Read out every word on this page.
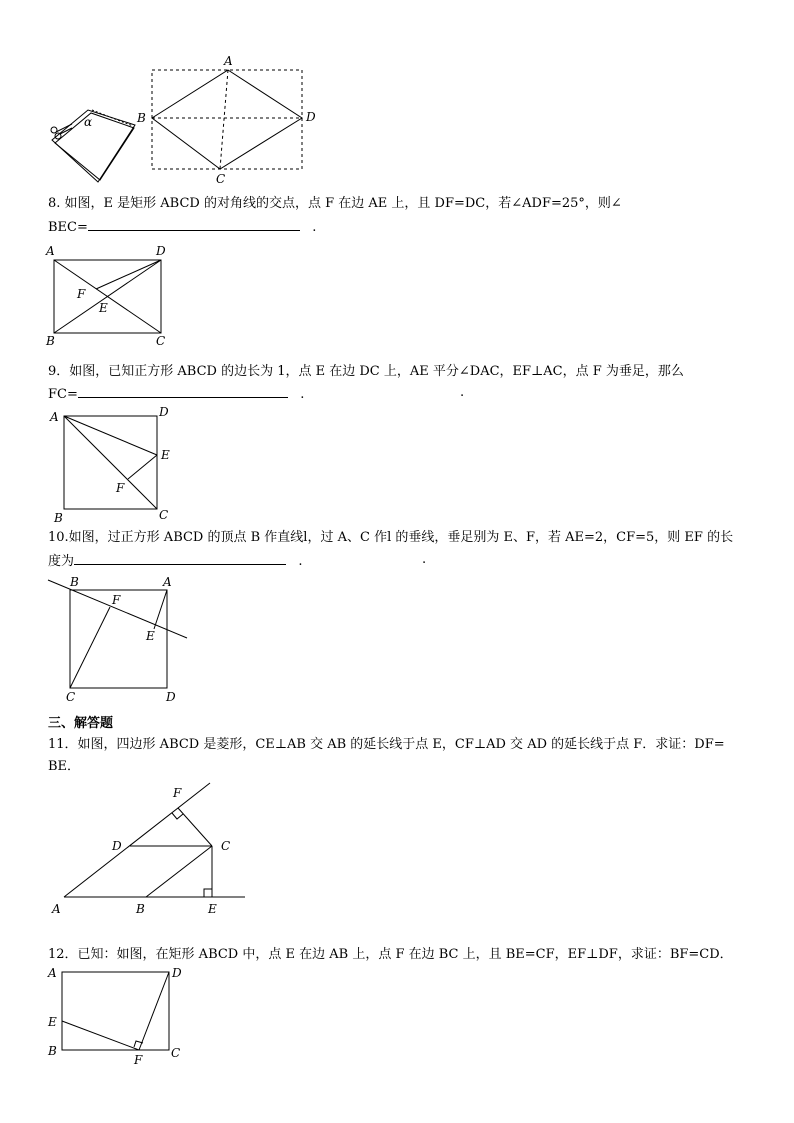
α
A
B
C
D
8. 如图，E 是矩形 ABCD 的对角线的交点，点 F 在边 AE 上，且 DF=DC，若∠ADF=25°，则∠
BEC=	.
A	D
F
E
B	C
9．如图，已知正方形 ABCD 的边长为 1，点 E 在边 DC 上，AE 平分∠DAC，EF⊥AC，点 F 为垂足，那么
FC=	.	.
A	D
E
F
B	C
10.如图，过正方形 ABCD 的顶点 B 作直线l，过 A、C 作l 的垂线，垂足别为 E、F，若 AE=2，CF=5，则 EF 的长
度为	.	.
B	A
F
E
C	D
三、解答题
11．如图，四边形 ABCD 是菱形，CE⊥AB 交 AB 的延长线于点 E，CF⊥AD 交 AD 的延长线于点 F．求证：DF=
BE．
F
D	C
A	B	E
12．已知：如图，在矩形 ABCD 中，点 E 在边 AB 上，点 F 在边 BC 上，且 BE=CF，EF⊥DF，求证：BF=CD．
A	D
E
B
F C
